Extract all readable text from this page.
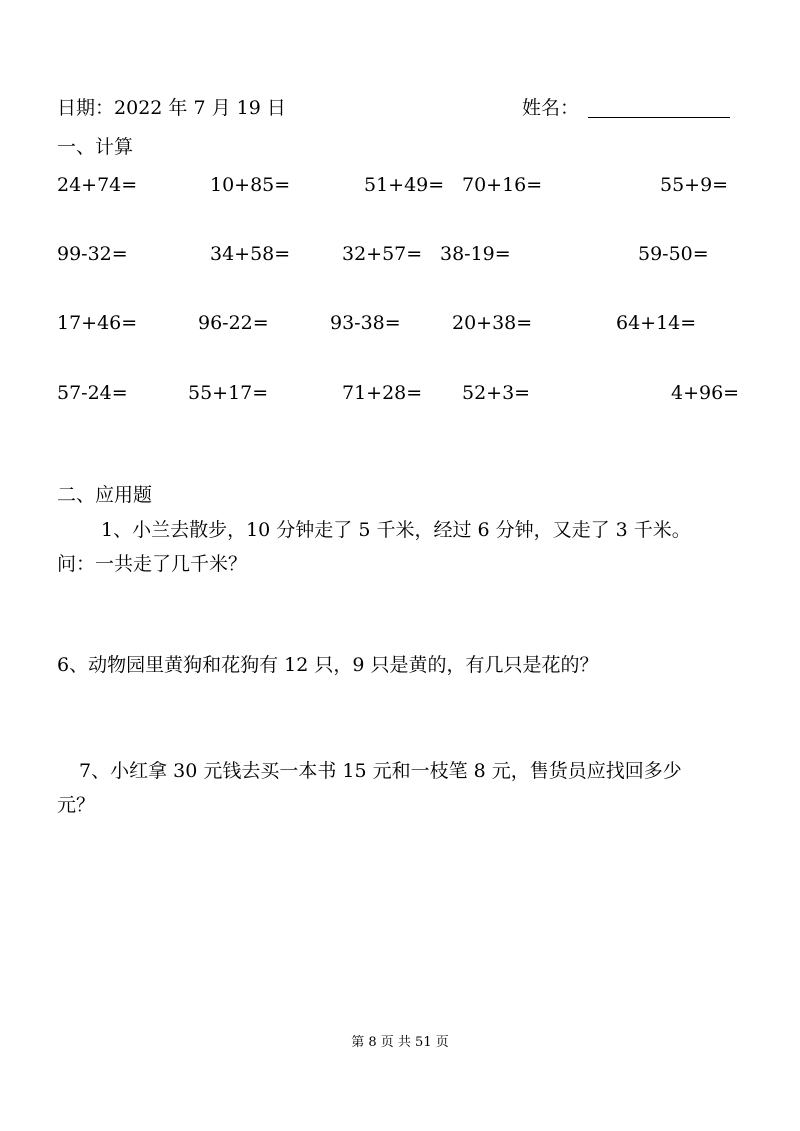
日期：2022 年 7 月 19 日	姓名：
一、计算
24+74=	10+85=	51+49= 70+16=	55+9=
99-32=	34+58=	32+57= 38-19=	59-50=
17+46=	96-22=	93-38=	20+38=	64+14=
57-24=	55+17=	71+28= 52+3=	4+96=
二、应用题
1、小兰去散步，10 分钟走了 5 千米，经过 6 分钟，又走了 3 千米。
问：一共走了几千米？
6、动物园里黄狗和花狗有 12 只，9 只是黄的，有几只是花的？
7、小红拿 30 元钱去买一本书 15 元和一枝笔 8 元，售货员应找回多少
元？
第 8 页 共 51 页
